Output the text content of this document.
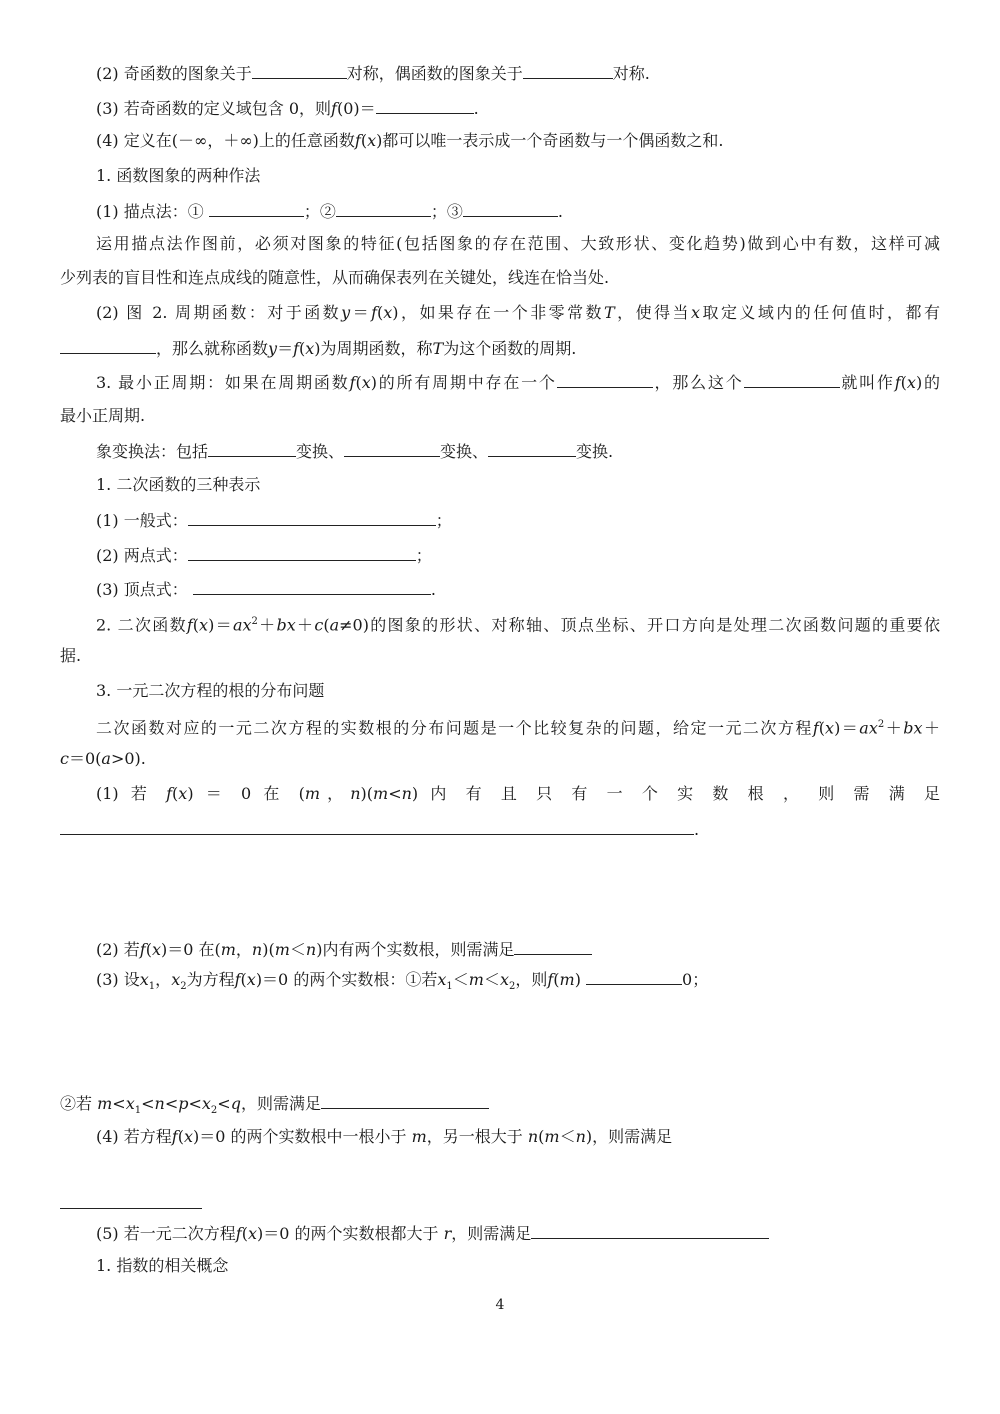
(2) 奇函数的图象关于	对称，偶函数的图象关于	对称.
(3) 若奇函数的定义域包含 0，则f(0)＝	.
(4) 定义在(－∞，＋∞)上的任意函数f(x)都可以唯一表示成一个奇函数与一个偶函数之和.
1. 函数图象的两种作法
(1) 描点法：①	；②	；③	.
运用描点法作图前，必须对图象的特征(包括图象的存在范围、大致形状、变化趋势)做到心中有数，这样可减
少列表的盲目性和连点成线的随意性，从而确保表列在关键处，线连在恰当处.
(2) 图 2. 周期函数：对于函数y＝f(x)，如果存在一个非零常数T，使得当x取定义域内的任何值时，都有
，那么就称函数y＝f(x)为周期函数，称T为这个函数的周期.
3. 最小正周期：如果在周期函数f(x)的所有周期中存在一个	，那么这个	就叫作f(x)的
最小正周期.
象变换法：包括	变换、	变换、	变换.
1. 二次函数的三种表示
(1) 一般式：	；
(2) 两点式：	；
(3) 顶点式：	.
2. 二次函数$f(x)=ax^2+bx+c(a\ne 0)$的图象的形状、对称轴、顶点坐标、开口方向是处理二次函数问题的重要依
据.
3. 一元二次方程的根的分布问题
二次函数对应的一元二次方程的实数根的分布问题是一个比较复杂的问题，给定一元二次方程$f(x)=ax^2+bx+$
c＝0(a>0).
(1) 若 f(x) ＝ 0 在 (m，n)(m<n) 内 有 且 只 有 一 个 实 数 根 ， 则 需 满 足
.
(2) 若f(x)＝0 在(m，n)(m＜n)内有两个实数根，则需满足
(3) 设$x_1$，$x_2$为方程f(x)＝0 的两个实数根：①若$x_1<m<x_2$，则f(m)	0；
②若 $m<x_1<n<p<x_2<q$，则需满足
(4) 若方程f(x)＝0 的两个实数根中一根小于 m，另一根大于 n(m＜n)，则需满足
(5) 若一元二次方程f(x)＝0 的两个实数根都大于 r，则需满足
1. 指数的相关概念
4
